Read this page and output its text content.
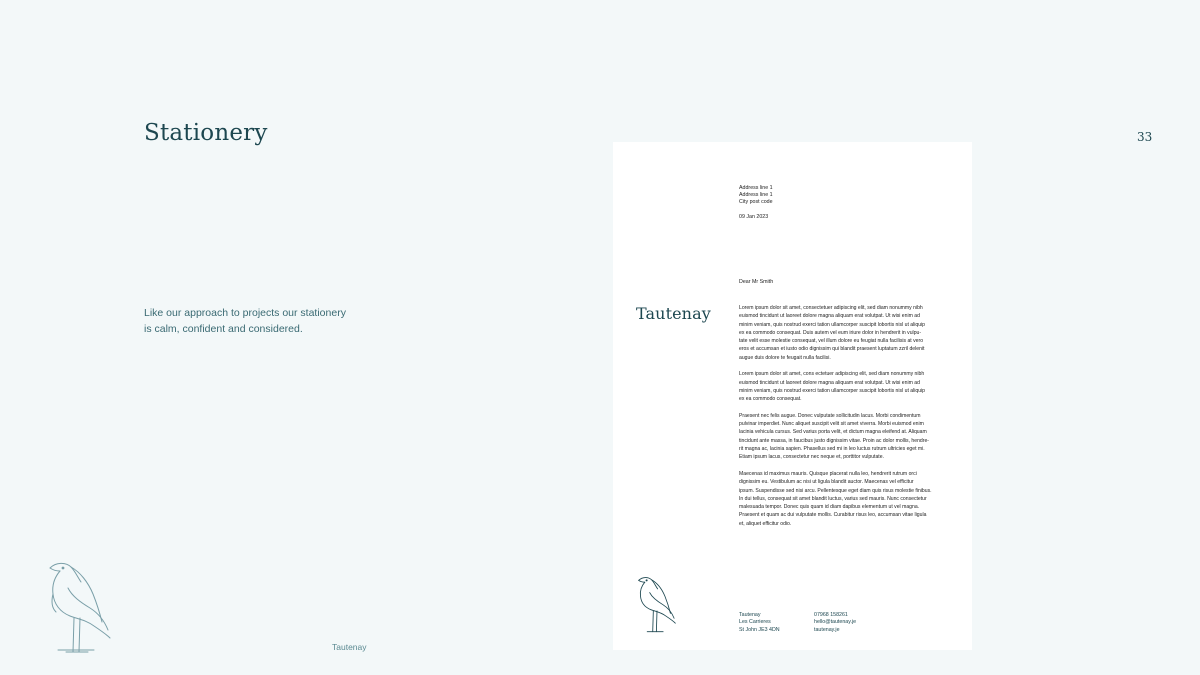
Stationery	33
Like our approach to projects our stationery
is calm, confident and considered.
Tautenay
Address line 1
Address line 1
City post code
09 Jan 2023
Dear Mr Smith
Tautenay	Lorem ipsum dolor sit amet, consectetuer adipiscing elit, sed diam nonummy nibh
euismod tincidunt ut laoreet dolore magna aliquam erat volutpat. Ut wisi enim ad
minim veniam, quis nostrud exerci tation ullamcorper suscipit lobortis nisl ut aliquip
ex ea commodo consequat. Duis autem vel eum iriure dolor in hendrerit in vulpu-
tate velit esse molestie consequat, vel illum dolore eu feugiat nulla facilisis at vero
eros et accumsan et iusto odio dignissim qui blandit praesent luptatum zzril delenit
augue duis dolore te feugait nulla facilisi.

Lorem ipsum dolor sit amet, cons ectetuer adipiscing elit, sed diam nonummy nibh
euismod tincidunt ut laoreet dolore magna aliquam erat volutpat. Ut wisi enim ad
minim veniam, quis nostrud exerci tation ullamcorper suscipit lobortis nisl ut aliquip
ex ea commodo consequat.

Praesent nec felis augue. Donec vulputate sollicitudin lacus. Morbi condimentum
pulvinar imperdiet. Nunc aliquet suscipit velit sit amet viverra. Morbi euismod enim
lacinia vehicula cursus. Sed varius porta velit, et dictum magna eleifend at. Aliquam
tincidunt ante massa, in faucibus justo dignissim vitae. Proin ac dolor mollis, hendre-
rit magna ac, lacinia sapien. Phasellus sed mi in leo luctus rutrum ultricies eget mi.
Etiam ipsum lacus, consectetur nec neque et, porttitor vulputate.

Maecenas id maximus mauris. Quisque placerat nulla leo, hendrerit rutrum orci
dignissim eu. Vestibulum ac nisi ut ligula blandit auctor. Maecenas vel efficitur
ipsum. Suspendisse sed nisi arcu. Pellentesque eget diam quis risus molestie finibus.
In dui tellus, consequat sit amet blandit luctus, varius sed mauris. Nunc consectetur
malesuada tempor. Donec quis quam id diam dapibus elementum ut vel magna.
Praesent et quam ac dui vulputate mollis. Curabitur risus leo, accumsan vitae ligula
et, aliquet efficitur odio.

Tautenay
Les Carrieres
St John JE3 4DN
07968 158261
hello@tautenay.je
tautenay.je
